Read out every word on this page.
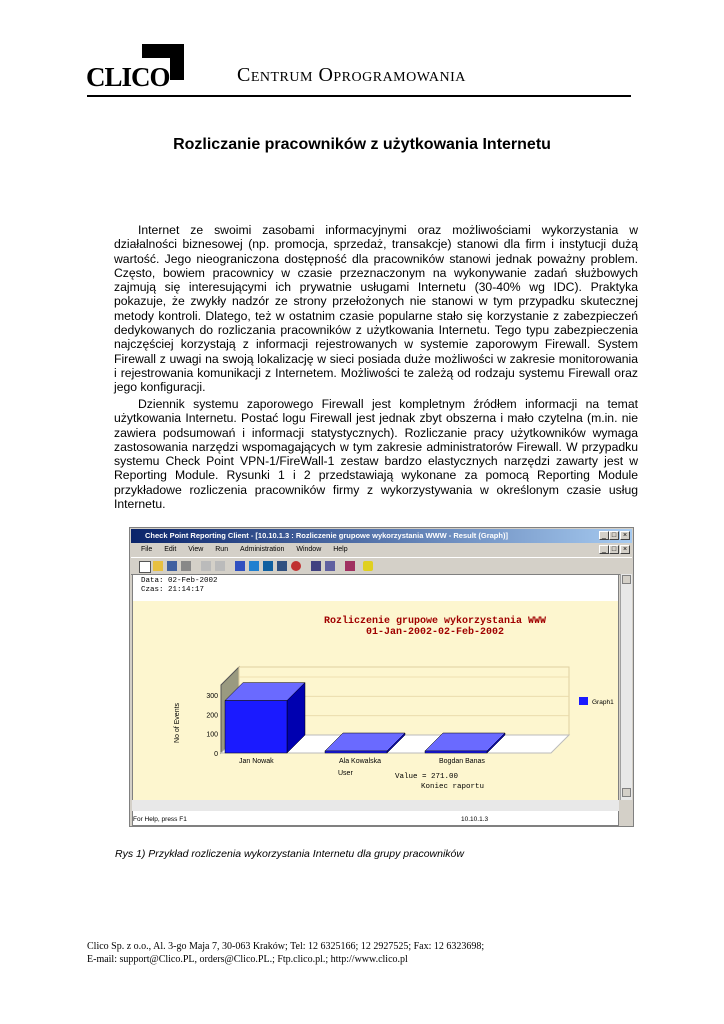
CLICO	Centrum Oprogramowania
Rozliczanie pracowników z użytkowania Internetu

Internet ze swoimi zasobami informacyjnymi oraz możliwościami wykorzystania w działalności biznesowej (np. promocja, sprzedaż, transakcje) stanowi dla firm i instytucji dużą wartość. Jego nieograniczona dostępność dla pracowników stanowi jednak poważny problem. Często, bowiem pracownicy w czasie przeznaczonym na wykonywanie zadań służbowych zajmują się interesującymi ich prywatnie usługami Internetu (30-40% wg IDC). Praktyka pokazuje, że zwykły nadzór ze strony przełożonych nie stanowi w tym przypadku skutecznej metody kontroli. Dlatego, też w ostatnim czasie popularne stało się korzystanie z zabezpieczeń dedykowanych do rozliczania pracowników z użytkowania Internetu. Tego typu zabezpieczenia najczęściej korzystają z informacji rejestrowanych w systemie zaporowym Firewall. System Firewall z uwagi na swoją lokalizację w sieci posiada duże możliwości w zakresie monitorowania i rejestrowania komunikacji z Internetem. Możliwości te zależą od rodzaju systemu Firewall oraz jego konfiguracji.

Dziennik systemu zaporowego Firewall jest kompletnym źródłem informacji na temat użytkowania Internetu. Postać logu Firewall jest jednak zbyt obszerna i mało czytelna (m.in. nie zawiera podsumowań i informacji statystycznych). Rozliczanie pracy użytkowników wymaga zastosowania narzędzi wspomagających w tym zakresie administratorów Firewall. W przypadku systemu Check Point VPN-1/FireWall-1 zestaw bardzo elastycznych narzędzi zawarty jest w Reporting Module. Rysunki 1 i 2 przedstawiają wykonane za pomocą Reporting Module przykładowe rozliczenia pracowników firmy z wykorzystywania w określonym czasie usług Internetu.

Check Point Reporting Client - [10.10.1.3 : Rozliczenie grupowe wykorzystania WWW - Result (Graph)]	_ □ ×
File Edit View Run Administration Window Help	_ □ ×
Data: 02-Feb-2002
Czas: 21:14:17
Rozliczenie grupowe wykorzystania WWW
01-Jan-2002-02-Feb-2002
0
100
200
300
No of Events
Jan Nowak	Ala Kowalska	Bogdan Banas
User
Graph1
Value = 271.00
Koniec raportu
For Help, press F1	10.10.1.3
Rys 1) Przykład rozliczenia wykorzystania Internetu dla grupy pracowników
Clico Sp. z o.o., Al. 3-go Maja 7, 30-063 Kraków; Tel: 12 6325166; 12 2927525; Fax: 12 6323698;
E-mail: support@Clico.PL, orders@Clico.PL.; Ftp.clico.pl.; http://www.clico.pl
